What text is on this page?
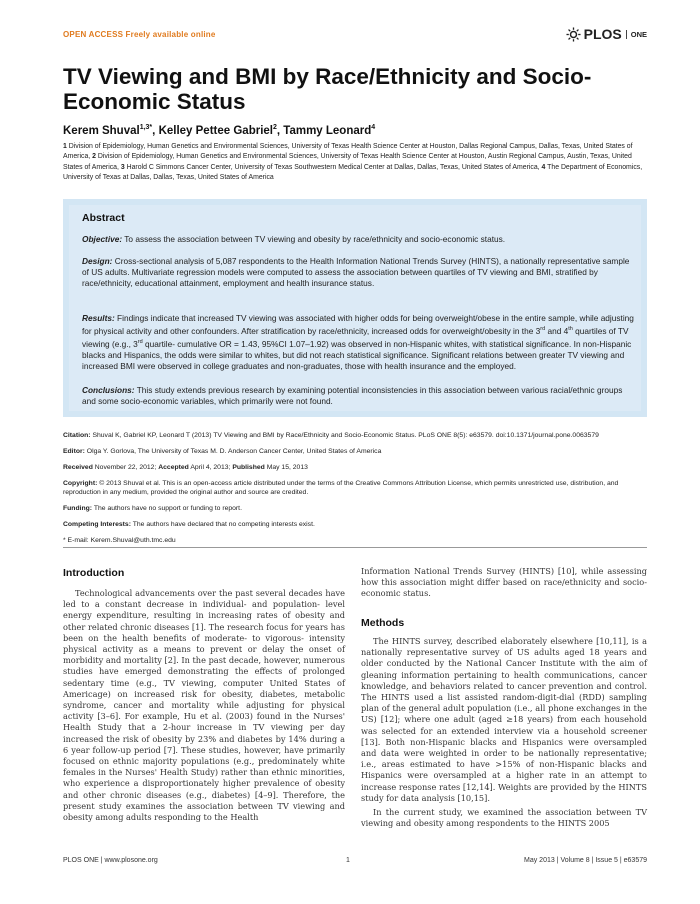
OPEN ACCESS Freely available online	PLOS	ONE
TV Viewing and BMI by Race/Ethnicity and Socio-Economic Status
Kerem Shuval$^{1,3*}$, Kelley Pettee Gabriel$^2$, Tammy Leonard$^4$
1 Division of Epidemiology, Human Genetics and Environmental Sciences, University of Texas Health Science Center at Houston, Dallas Regional Campus, Dallas, Texas, United States of America, 2 Division of Epidemiology, Human Genetics and Environmental Sciences, University of Texas Health Science Center at Houston, Austin Regional Campus, Austin, Texas, United States of America, 3 Harold C Simmons Cancer Center, University of Texas Southwestern Medical Center at Dallas, Dallas, Texas, United States of America, 4 The Department of Economics, University of Texas at Dallas, Dallas, Texas, United States of America
Abstract

Objective: To assess the association between TV viewing and obesity by race/ethnicity and socio-economic status.

Design: Cross-sectional analysis of 5,087 respondents to the Health Information National Trends Survey (HINTS), a nationally representative sample of US adults. Multivariate regression models were computed to assess the association between quartiles of TV viewing and BMI, stratified by race/ethnicity, educational attainment, employment and health insurance status.

Results: Findings indicate that increased TV viewing was associated with higher odds for being overweight/obese in the entire sample, while adjusting for physical activity and other confounders. After stratification by race/ethnicity, increased odds for overweight/obesity in the 3rd and 4th quartiles of TV viewing (e.g., 3rd quartile- cumulative OR = 1.43, 95%CI 1.07–1.92) was observed in non-Hispanic whites, with statistical significance. In non-Hispanic blacks and Hispanics, the odds were similar to whites, but did not reach statistical significance. Significant relations between greater TV viewing and increased BMI were observed in college graduates and non-graduates, those with health insurance and the employed.

Conclusions: This study extends previous research by examining potential inconsistencies in this association between various racial/ethnic groups and some socio-economic variables, which primarily were not found.

Citation: Shuval K, Gabriel KP, Leonard T (2013) TV Viewing and BMI by Race/Ethnicity and Socio-Economic Status. PLoS ONE 8(5): e63579. doi:10.1371/journal.pone.0063579

Editor: Olga Y. Gorlova, The University of Texas M. D. Anderson Cancer Center, United States of America

Received November 22, 2012; Accepted April 4, 2013; Published May 15, 2013

Copyright: © 2013 Shuval et al. This is an open-access article distributed under the terms of the Creative Commons Attribution License, which permits unrestricted use, distribution, and reproduction in any medium, provided the original author and source are credited.

Funding: The authors have no support or funding to report.

Competing Interests: The authors have declared that no competing interests exist.

* E-mail: Kerem.Shuval@uth.tmc.edu

Introduction

Technological advancements over the past several decades have led to a constant decrease in individual- and population- level energy expenditure, resulting in increasing rates of obesity and other related chronic diseases [1]. The research focus for years has been on the health benefits of moderate- to vigorous- intensity physical activity as a means to prevent or delay the onset of morbidity and mortality [2]. In the past decade, however, numerous studies have emerged demonstrating the effects of prolonged sedentary time (e.g., TV viewing, computer United States of Americage) on increased risk for obesity, diabetes, metabolic syndrome, cancer and mortality while adjusting for physical activity [3–6]. For example, Hu et al. (2003) found in the Nurses' Health Study that a 2-hour increase in TV viewing per day increased the risk of obesity by 23% and diabetes by 14% during a 6 year follow-up period [7]. These studies, however, have primarily focused on ethnic majority populations (e.g., predominately white females in the Nurses' Health Study) rather than ethnic minorities, who experience a disproportionately higher prevalence of obesity and other chronic diseases (e.g., diabetes) [4–9]. Therefore, the present study examines the association between TV viewing and obesity among adults responding to the Health

Information National Trends Survey (HINTS) [10], while assessing how this association might differ based on race/ethnicity and socio-economic status.

Methods

The HINTS survey, described elaborately elsewhere [10,11], is a nationally representative survey of US adults aged 18 years and older conducted by the National Cancer Institute with the aim of gleaning information pertaining to health communications, cancer knowledge, and behaviors related to cancer prevention and control. The HINTS used a list assisted random-digit-dial (RDD) sampling plan of the general adult population (i.e., all phone exchanges in the US) [12]; where one adult (aged ≥18 years) from each household was selected for an extended interview via a household screener [13]. Both non-Hispanic blacks and Hispanics were oversampled and data were weighted in order to be nationally representative; i.e., areas estimated to have >15% of non-Hispanic blacks and Hispanics were oversampled at a higher rate in an attempt to increase response rates [12,14]. Weights are provided by the HINTS study for data analysis [10,15].

In the current study, we examined the association between TV viewing and obesity among respondents to the HINTS 2005

PLOS ONE | www.plosone.org	1	May 2013 | Volume 8 | Issue 5 | e63579
